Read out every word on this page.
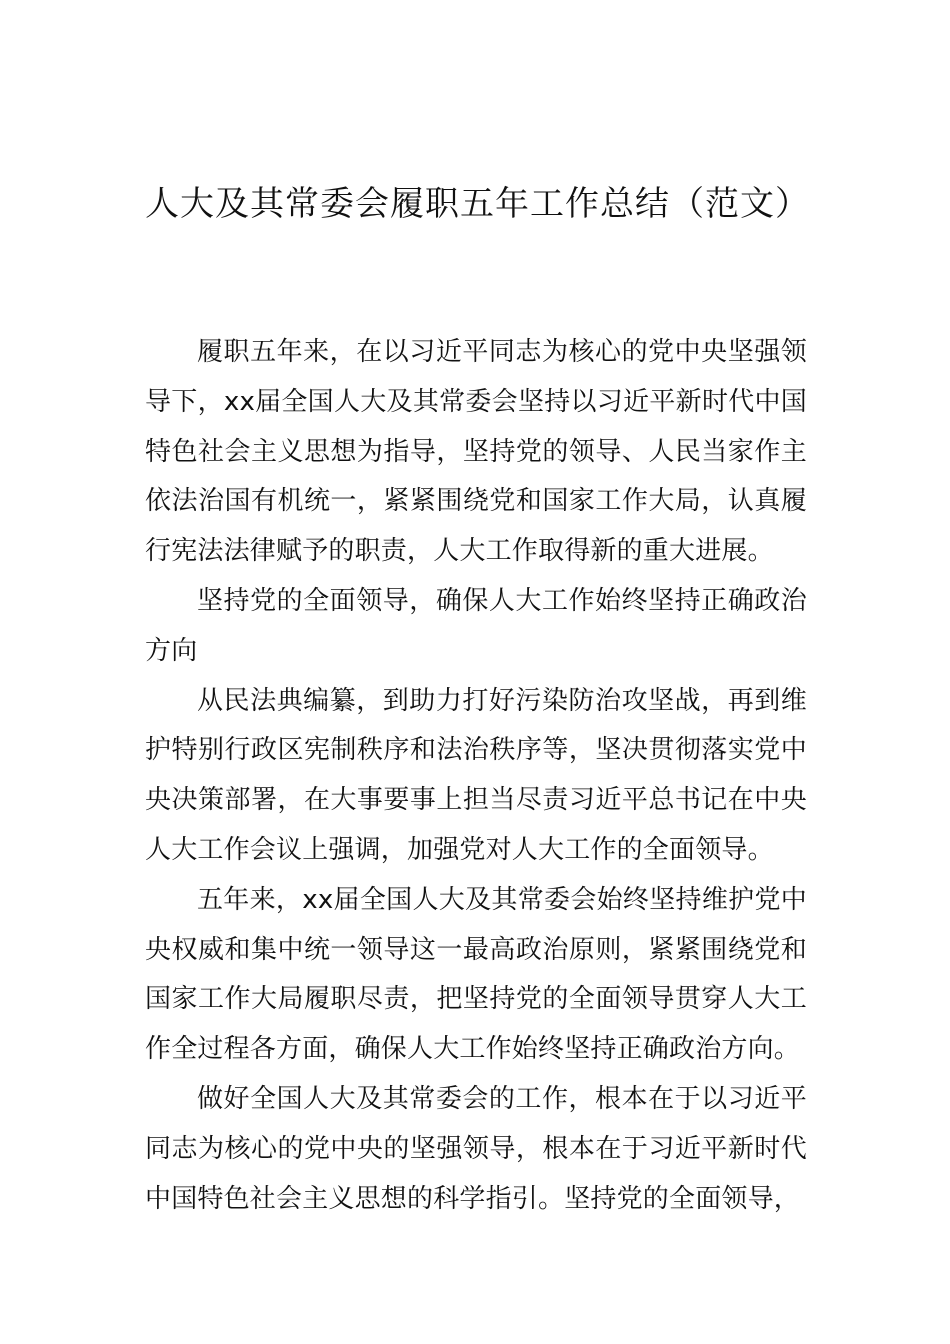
人大及其常委会履职五年工作总结（范文）

履职五年来，在以习近平同志为核心的党中央坚强领导下，xx届全国人大及其常委会坚持以习近平新时代中国特色社会主义思想为指导，坚持党的领导、人民当家作主依法治国有机统一，紧紧围绕党和国家工作大局，认真履行宪法法律赋予的职责，人大工作取得新的重大进展。

坚持党的全面领导，确保人大工作始终坚持正确政治方向

从民法典编纂，到助力打好污染防治攻坚战，再到维护特别行政区宪制秩序和法治秩序等，坚决贯彻落实党中央决策部署，在大事要事上担当尽责习近平总书记在中央人大工作会议上强调，加强党对人大工作的全面领导。

五年来，xx届全国人大及其常委会始终坚持维护党中央权威和集中统一领导这一最高政治原则，紧紧围绕党和国家工作大局履职尽责，把坚持党的全面领导贯穿人大工作全过程各方面，确保人大工作始终坚持正确政治方向。

做好全国人大及其常委会的工作，根本在于以习近平同志为核心的党中央的坚强领导，根本在于习近平新时代中国特色社会主义思想的科学指引。坚持党的全面领导，
